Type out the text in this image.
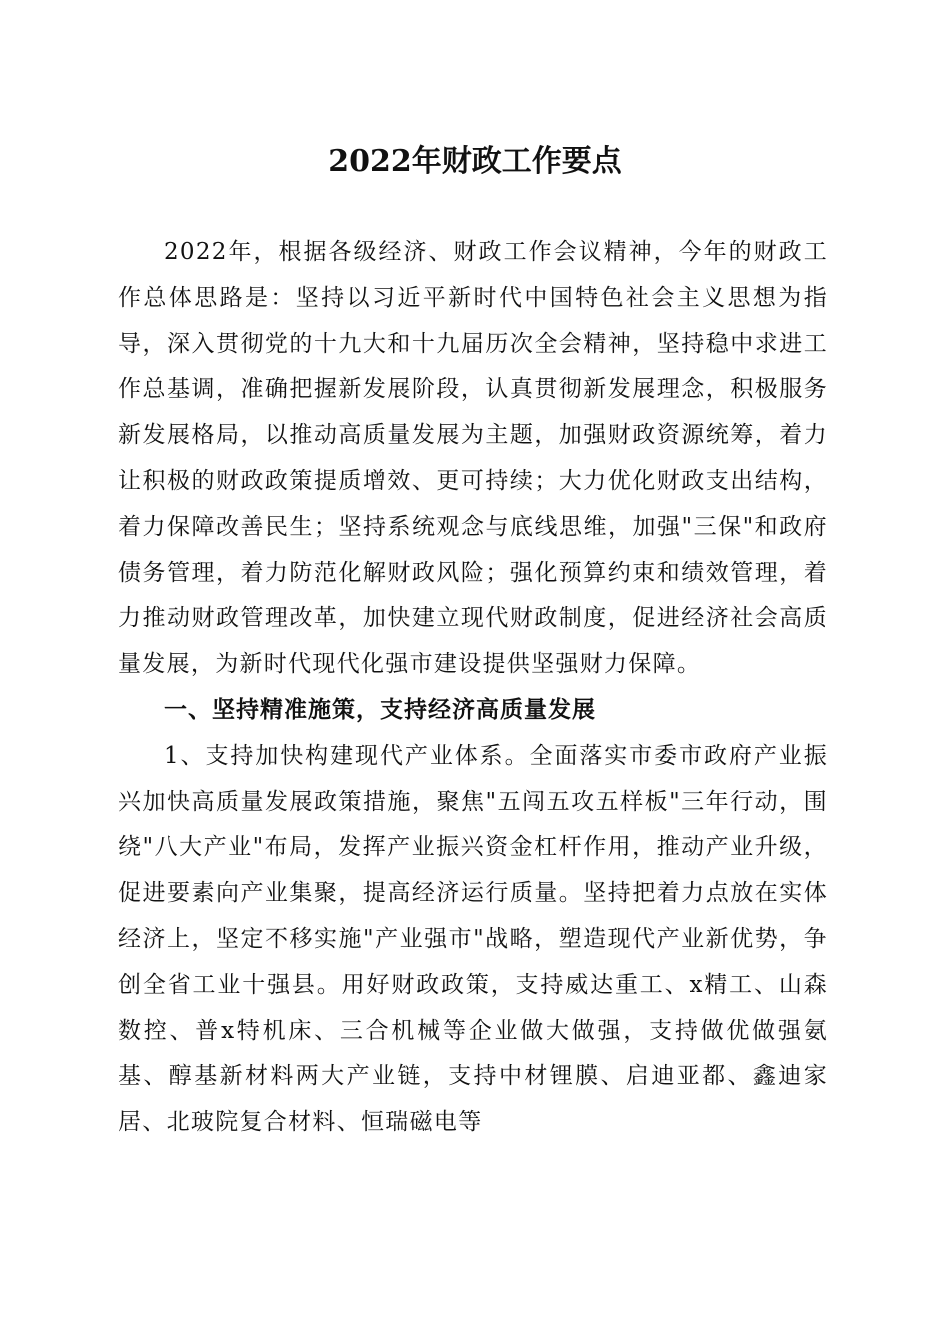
2022年财政工作要点

2022年，根据各级经济、财政工作会议精神，今年的财政工作总体思路是：坚持以习近平新时代中国特色社会主义思想为指导，深入贯彻党的十九大和十九届历次全会精神，坚持稳中求进工作总基调，准确把握新发展阶段，认真贯彻新发展理念，积极服务新发展格局，以推动高质量发展为主题，加强财政资源统筹，着力让积极的财政政策提质增效、更可持续；大力优化财政支出结构，着力保障改善民生；坚持系统观念与底线思维，加强"三保"和政府债务管理，着力防范化解财政风险；强化预算约束和绩效管理，着力推动财政管理改革，加快建立现代财政制度，促进经济社会高质量发展，为新时代现代化强市建设提供坚强财力保障。

一、坚持精准施策，支持经济高质量发展

1、支持加快构建现代产业体系。全面落实市委市政府产业振兴加快高质量发展政策措施，聚焦"五闯五攻五样板"三年行动，围绕"八大产业"布局，发挥产业振兴资金杠杆作用，推动产业升级，促进要素向产业集聚，提高经济运行质量。坚持把着力点放在实体经济上，坚定不移实施"产业强市"战略，塑造现代产业新优势，争创全省工业十强县。用好财政政策，支持威达重工、x精工、山森数控、普x特机床、三合机械等企业做大做强，支持做优做强氨基、醇基新材料两大产业链，支持中材锂膜、启迪亚都、鑫迪家居、北玻院复合材料、恒瑞磁电等
